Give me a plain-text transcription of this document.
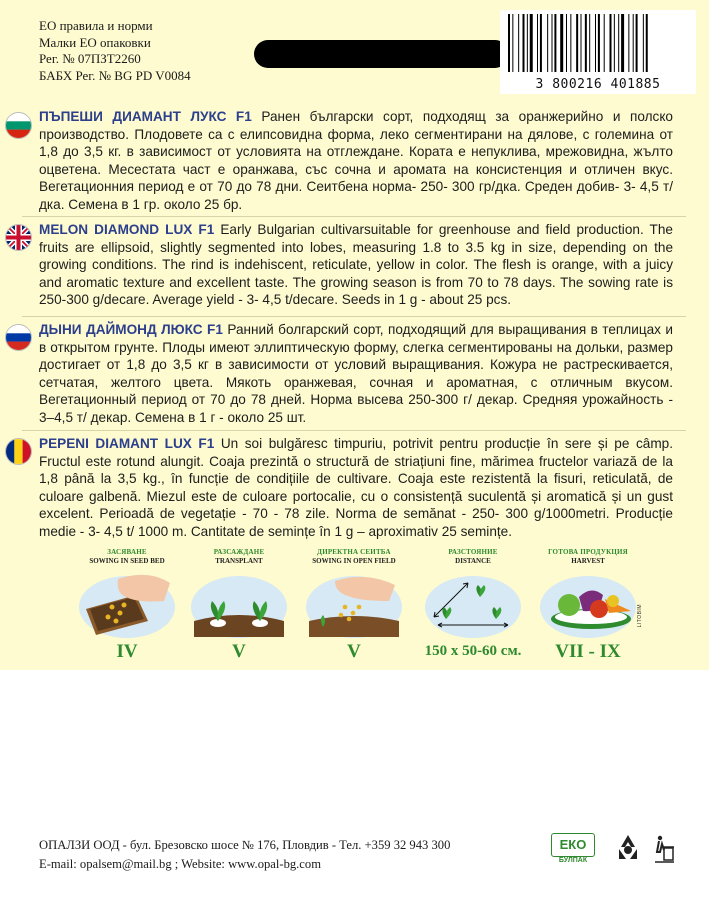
ЕО правила и норми
Малки ЕО опаковки
Рег. № 07ПЗТ2260
БАБХ Рег. № BG PD V0084
3 800216 401885
ПЪПЕШИ ДИАМАНТ ЛУКС F1 Ранен български сорт, подходящ за оранжерийно и полско производство. Плодовете са с елипсовидна форма, леко сегментирани на дялове, с големина от 1,8 до 3,5 кг. в зависимост от условията на отглеждане. Кората е непуклива, мрежовидна, жълто оцветена. Месестата част е оранжава, със сочна и аромата на консистенция и отличен вкус. Вегетационния период е от 70 до 78 дни. Сеитбена норма- 250- 300 гр/дка. Среден добив- 3- 4,5 т/дка. Семена в 1 гр. около 25 бр.
MELON DIAMOND LUX F1 Early Bulgarian cultivarsuitable for greenhouse and field production. The fruits are ellipsoid, slightly segmented into lobes, measuring 1.8 to 3.5 kg in size, depending on the growing conditions. The rind is indehiscent, reticulate, yellow in color. The flesh is orange, with a juicy and aromatic texture and excellent taste. The growing season is from 70 to 78 days. The sowing rate is 250-300 g/decare. Average yield - 3- 4,5 t/decare. Seeds in 1 g - about 25 pcs.
ДЫНИ ДАЙМОНД ЛЮКС F1 Ранний болгарский сорт, подходящий для выращивания в теплицах и в открытом грунте. Плоды имеют эллиптическую форму, слегка сегментированы на дольки, размер достигает от 1,8 до 3,5 кг в зависимости от условий выращивания. Кожура не растрескивается, сетчатая, желтого цвета. Мякоть оранжевая, сочная и ароматная, с отличным вкусом. Вегетационный период от 70 до 78 дней. Норма высева 250-300 г/ декар. Средняя урожайность - 3–4,5 т/ декар. Семена в 1 г - около 25 шт.
PEPENI DIAMANT LUX F1 Un soi bulgăresc timpuriu, potrivit pentru producție în sere și pe câmp. Fructul este rotund alungit. Coaja prezintă o structură de striațiuni fine, mărimea fructelor variază de la 1,8 până la 3,5 kg., în funcție de condițiile de cultivare. Coaja este rezistentă la fisuri, reticulată, de culoare galbenă. Miezul este de culoare portocalie, cu o consistență suculentă și aromatică și un gust excelent. Perioadă de vegetație - 70 - 78 zile. Norma de semănat - 250- 300 g/1000metri. Producție medie - 3- 4,5 t/ 1000 m. Cantitate de semințe în 1 g – aproximativ 25 semințe.
ЗАСЯВАНЕ
SOWING IN SEED BED
IV
РАЗСАЖДАНЕ
TRANSPLANT
V
ДИРЕКТНА СЕИТБА
SOWING IN OPEN FIELD
V
РАЗСТОЯНИЕ
DISTANCE
150 x 50-60 см.
ГОТОВА ПРОДУКЦИЯ
HARVEST
VII - IX
LITOBIM
ОПАЛЗИ ООД - бул. Брезовско шосе № 176, Пловдив - Тел. +359 32 943 300
E-mail: opalsem@mail.bg ; Website: www.opal-bg.com
ЕКО
БУЛПАК
